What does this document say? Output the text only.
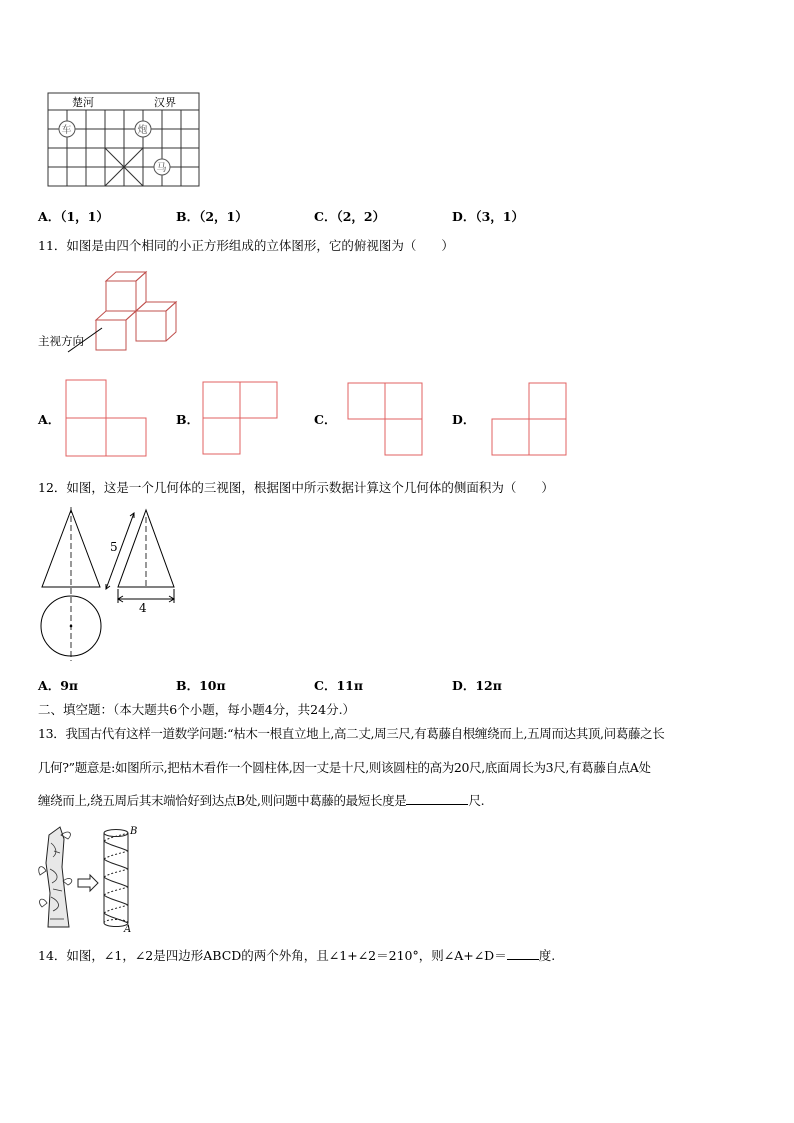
楚河	汉界
车	炮
马
A．（1，1）	B．（2，1）	C．（2，2）	D．（3，1）
11．如图是由四个相同的小正方形组成的立体图形，它的俯视图为（　　）
主视方向
A．	B．	C．	D．
12．如图，这是一个几何体的三视图，根据图中所示数据计算这个几何体的侧面积为（　　）
5
4
A．9π	B．10π	C．11π	D．12π
二、填空题：（本大题共6个小题，每小题4分，共24分.）
13．我国古代有这样一道数学问题:“枯木一根直立地上,高二丈,周三尺,有葛藤自根缠绕而上,五周而达其顶,问葛藤之长
几何?”题意是:如图所示,把枯木看作一个圆柱体,因一丈是十尺,则该圆柱的高为20尺,底面周长为3尺,有葛藤自点A处
缠绕而上,绕五周后其末端恰好到达点B处,则问题中葛藤的最短长度是	尺.
B
A
14．如图，∠1，∠2是四边形ABCD的两个外角，且∠1+∠2＝210°，则∠A+∠D＝	度.
